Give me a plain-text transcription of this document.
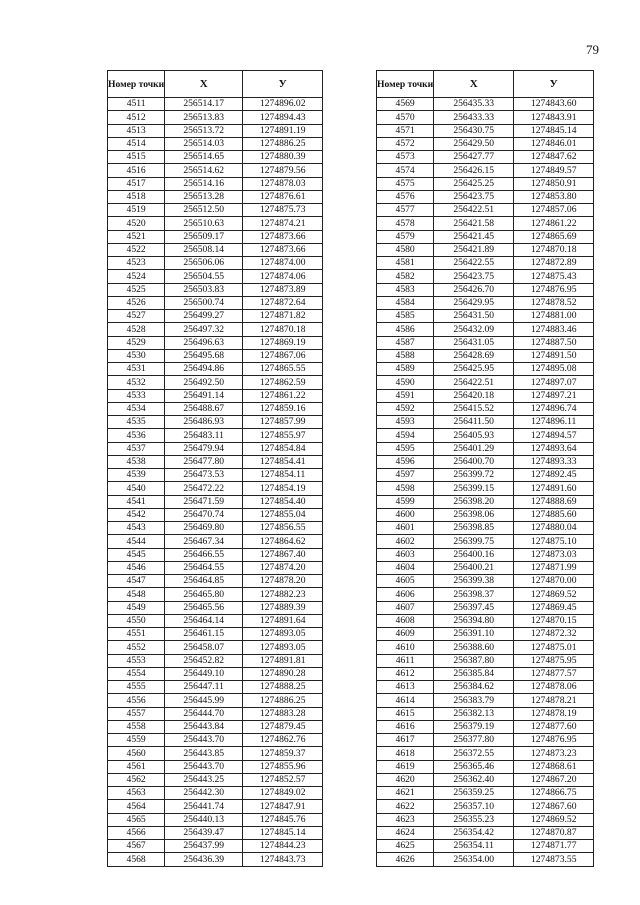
79
Номер точки	X	У
4511	256514.17	1274896.02
4512	256513.83	1274894.43
4513	256513.72	1274891.19
4514	256514.03	1274886.25
4515	256514.65	1274880.39
4516	256514.62	1274879.56
4517	256514.16	1274878.03
4518	256513.28	1274876.61
4519	256512.50	1274875.73
4520	256510.63	1274874.21
4521	256509.17	1274873.66
4522	256508.14	1274873.66
4523	256506.06	1274874.00
4524	256504.55	1274874.06
4525	256503.83	1274873.89
4526	256500.74	1274872.64
4527	256499.27	1274871.82
4528	256497.32	1274870.18
4529	256496.63	1274869.19
4530	256495.68	1274867.06
4531	256494.86	1274865.55
4532	256492.50	1274862.59
4533	256491.14	1274861.22
4534	256488.67	1274859.16
4535	256486.93	1274857.99
4536	256483.11	1274855.97
4537	256479.94	1274854.84
4538	256477.80	1274854.41
4539	256473.53	1274854.11
4540	256472.22	1274854.19
4541	256471.59	1274854.40
4542	256470.74	1274855.04
4543	256469.80	1274856.55
4544	256467.34	1274864.62
4545	256466.55	1274867.40
4546	256464.55	1274874.20
4547	256464.85	1274878.20
4548	256465.80	1274882.23
4549	256465.56	1274889.39
4550	256464.14	1274891.64
4551	256461.15	1274893.05
4552	256458.07	1274893.05
4553	256452.82	1274891.81
4554	256449.10	1274890.28
4555	256447.11	1274888.25
4556	256445.99	1274886.25
4557	256444.70	1274883.28
4558	256443.84	1274879.45
4559	256443.70	1274862.76
4560	256443.85	1274859.37
4561	256443.70	1274855.96
4562	256443.25	1274852.57
4563	256442.30	1274849.02
4564	256441.74	1274847.91
4565	256440.13	1274845.76
4566	256439.47	1274845.14
4567	256437.99	1274844.23
4568	256436.39	1274843.73
Номер точки	X	У
4569	256435.33	1274843.60
4570	256433.33	1274843.91
4571	256430.75	1274845.14
4572	256429.50	1274846.01
4573	256427.77	1274847.62
4574	256426.15	1274849.57
4575	256425.25	1274850.91
4576	256423.75	1274853.80
4577	256422.51	1274857.06
4578	256421.58	1274861.22
4579	256421.45	1274865.69
4580	256421.89	1274870.18
4581	256422.55	1274872.89
4582	256423.75	1274875.43
4583	256426.70	1274876.95
4584	256429.95	1274878.52
4585	256431.50	1274881.00
4586	256432.09	1274883.46
4587	256431.05	1274887.50
4588	256428.69	1274891.50
4589	256425.95	1274895.08
4590	256422.51	1274897.07
4591	256420.18	1274897.21
4592	256415.52	1274896.74
4593	256411.50	1274896.11
4594	256405.93	1274894.57
4595	256401.29	1274893.64
4596	256400.70	1274893.33
4597	256399.72	1274892.45
4598	256399.15	1274891.60
4599	256398.20	1274888.69
4600	256398.06	1274885.60
4601	256398.85	1274880.04
4602	256399.75	1274875.10
4603	256400.16	1274873.03
4604	256400.21	1274871.99
4605	256399.38	1274870.00
4606	256398.37	1274869.52
4607	256397.45	1274869.45
4608	256394.80	1274870.15
4609	256391.10	1274872.32
4610	256388.60	1274875.01
4611	256387.80	1274875.95
4612	256385.84	1274877.57
4613	256384.62	1274878.06
4614	256383.79	1274878.21
4615	256382.13	1274878.19
4616	256379.19	1274877.60
4617	256377.80	1274876.95
4618	256372.55	1274873.23
4619	256365.46	1274868.61
4620	256362.40	1274867.20
4621	256359.25	1274866.75
4622	256357.10	1274867.60
4623	256355.23	1274869.52
4624	256354.42	1274870.87
4625	256354.11	1274871.77
4626	256354.00	1274873.55
